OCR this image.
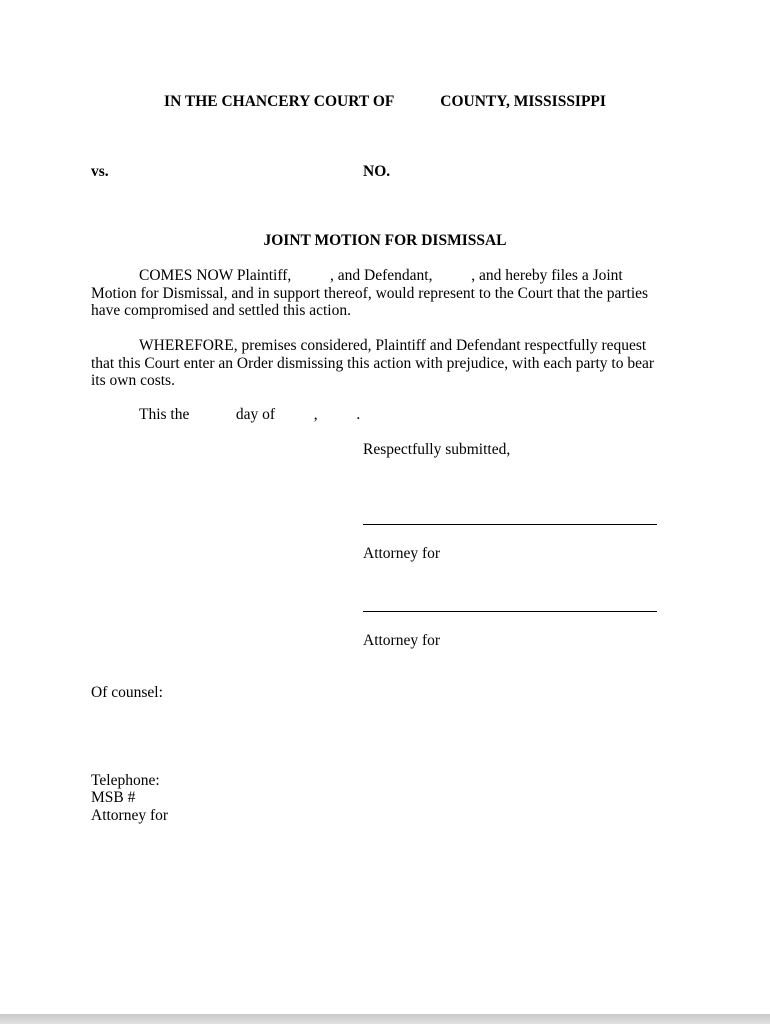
IN THE CHANCERY COURT OF            COUNTY, MISSISSIPPI
vs.	NO.
JOINT MOTION FOR DISMISSAL
COMES NOW Plaintiff,          , and Defendant,          , and hereby files a Joint Motion for Dismissal, and in support thereof, would represent to the Court that the parties have compromised and settled this action.
WHEREFORE, premises considered, Plaintiff and Defendant respectfully request that this Court enter an Order dismissing this action with prejudice, with each party to bear its own costs.
This the            day of          ,          .
Respectfully submitted,
Attorney for
Attorney for
Of counsel:
Telephone:
MSB #
Attorney for
